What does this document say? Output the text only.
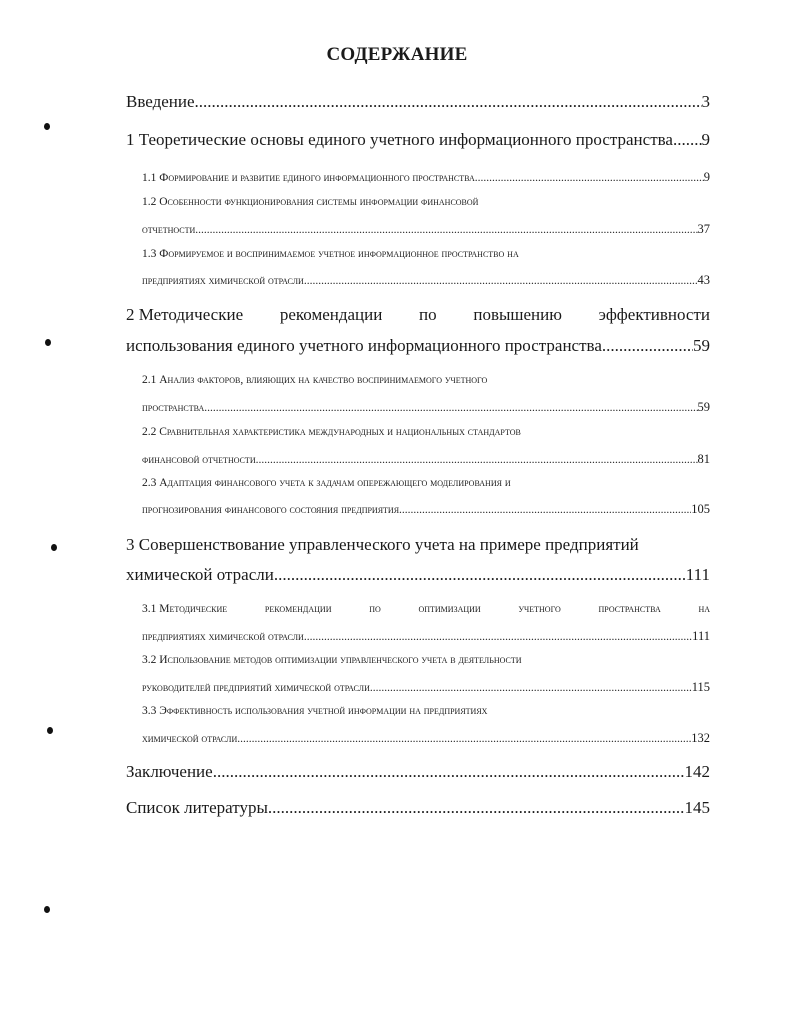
СОДЕРЖАНИЕ
Введение .....	3
1 Теоретические основы единого учетного информационного пространства ..... 9
1.1 Формирование и развитие единого информационного пространства .....	9
1.2 Особенности функционирования системы информации финансовой
отчетности .....	37
1.3 Формируемое и воспринимаемое учетное информационное пространство на
предприятиях химической отрасли .....	43
2 Методические рекомендации по повышению эффективности
использования единого учетного информационного пространства. .....	59
2.1 Анализ факторов, влияющих на качество воспринимаемого учетного
пространства .....	59
2.2 Сравнительная характеристика международных и национальных стандартов
финансовой отчетности .....	81
2.3 Адаптация финансового учета к задачам опережающего моделирования и
прогнозирования финансового состояния предприятия .....	105
3 Совершенствование управленческого учета на примере предприятий
химической отрасли .....	111
3.1 Методические	рекомендации	по	оптимизации	учетного	пространства	на
предприятиях химической отрасли .....	111
3.2 Использование методов оптимизации управленческого учета в деятельности
руководителей предприятий химической отрасли .....	115
3.3 Эффективность использования учетной информации на предприятиях
химической отрасли. .....	132
Заключение .....	142
Список литературы .....	145
